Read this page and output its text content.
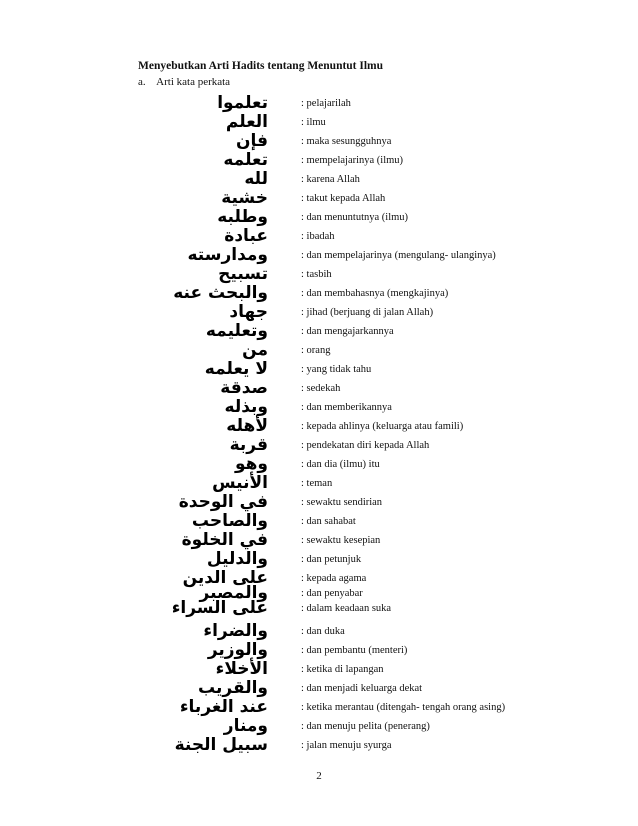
Menyebutkan Arti Hadits tentang Menuntut Ilmu
a. Arti kata perkata
تعلموا	: pelajarilah
العلم	: ilmu
فإن	: maka sesungguhnya
تعلمه	: mempelajarinya (ilmu)
لله	: karena Allah
خشية	: takut kepada Allah
وطلبه	: dan menuntutnya (ilmu)
عبادة	: ibadah
ومدارسته	: dan mempelajarinya (mengulang- ulanginya)
تسبيح	: tasbih
والبحث عنه	: dan membahasnya (mengkajinya)
جهاد	: jihad (berjuang di jalan Allah)
وتعليمه	: dan mengajarkannya
من	: orang
لا يعلمه	: yang tidak tahu
صدقة	: sedekah
وبذله	: dan memberikannya
لأهله	: kepada ahlinya (keluarga atau famili)
قربة	: pendekatan diri kepada Allah
وهو	: dan dia (ilmu) itu
الأنيس	: teman
في الوحدة	: sewaktu sendirian
والصاحب	: dan sahabat
في الخلوة	: sewaktu kesepian
والدليل	: dan petunjuk
على الدين	: kepada agama
والمصبر	: dan penyabar
على السراء	: dalam keadaan suka
والضراء	: dan duka
والوزير	: dan pembantu (menteri)
الأخلاء	: ketika di lapangan
والقريب	: dan menjadi keluarga dekat
عند الغرباء	: ketika merantau (ditengah- tengah orang asing)
ومنار	: dan menuju pelita (penerang)
سبيل الجنة	: jalan menuju syurga
2
